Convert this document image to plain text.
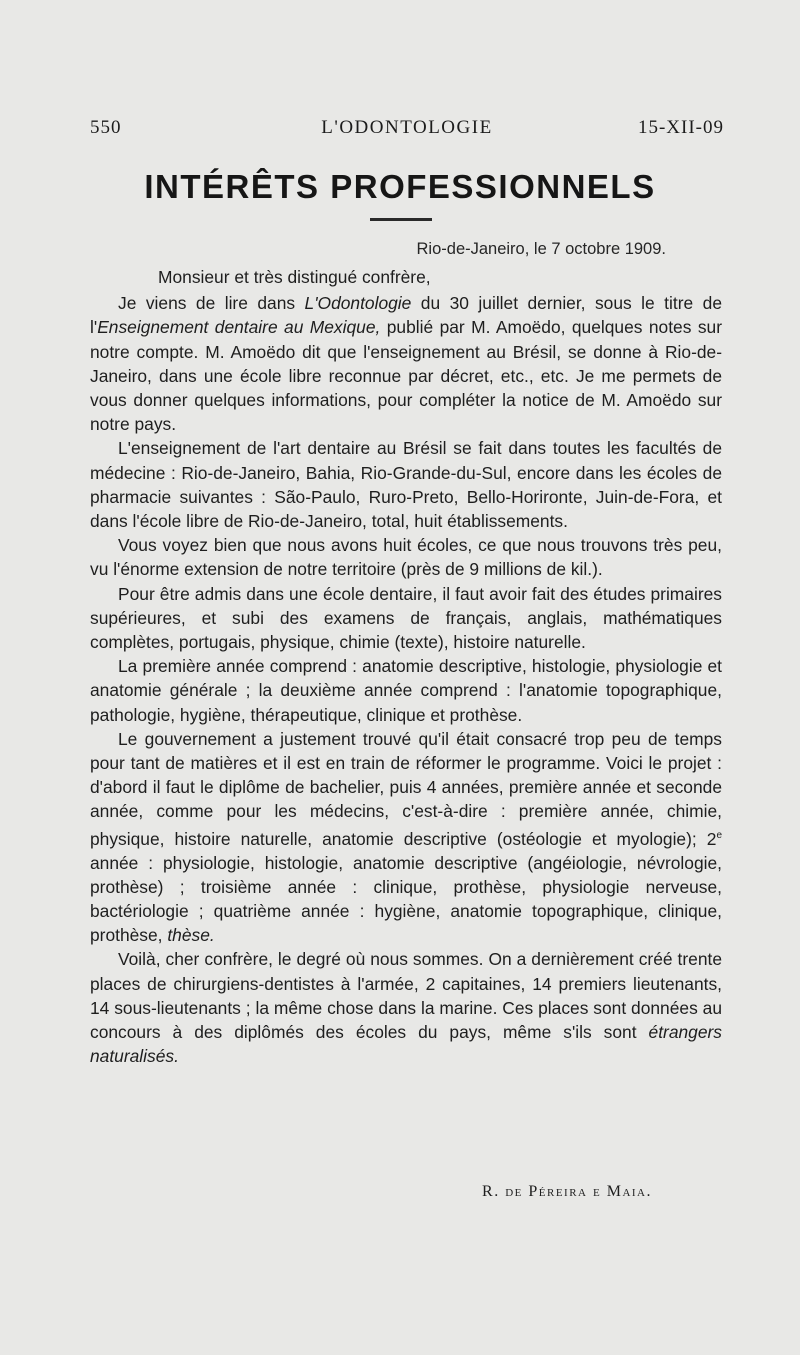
550	L'ODONTOLOGIE	15-XII-09
INTÉRÊTS PROFESSIONNELS
Rio-de-Janeiro, le 7 octobre 1909.

Monsieur et très distingué confrère,

Je viens de lire dans L'Odontologie du 30 juillet dernier, sous le titre de l'Enseignement dentaire au Mexique, publié par M. Amoëdo, quelques notes sur notre compte. M. Amoëdo dit que l'enseignement au Brésil, se donne à Rio-de-Janeiro, dans une école libre reconnue par décret, etc., etc. Je me permets de vous donner quelques informations, pour compléter la notice de M. Amoëdo sur notre pays.

L'enseignement de l'art dentaire au Brésil se fait dans toutes les facultés de médecine : Rio-de-Janeiro, Bahia, Rio-Grande-du-Sul, encore dans les écoles de pharmacie suivantes : São-Paulo, Ruro-Preto, Bello-Horironte, Juin-de-Fora, et dans l'école libre de Rio-de-Janeiro, total, huit établissements.

Vous voyez bien que nous avons huit écoles, ce que nous trouvons très peu, vu l'énorme extension de notre territoire (près de 9 millions de kil.).

Pour être admis dans une école dentaire, il faut avoir fait des études primaires supérieures, et subi des examens de français, anglais, mathématiques complètes, portugais, physique, chimie (texte), histoire naturelle.

La première année comprend : anatomie descriptive, histologie, physiologie et anatomie générale ; la deuxième année comprend : l'anatomie topographique, pathologie, hygiène, thérapeutique, clinique et prothèse.

Le gouvernement a justement trouvé qu'il était consacré trop peu de temps pour tant de matières et il est en train de réformer le programme. Voici le projet : d'abord il faut le diplôme de bachelier, puis 4 années, première année et seconde année, comme pour les médecins, c'est-à-dire : première année, chimie, physique, histoire naturelle, anatomie descriptive (ostéologie et myologie); 2e année : physiologie, histologie, anatomie descriptive (angéiologie, névrologie, prothèse) ; troisième année : clinique, prothèse, physiologie nerveuse, bactériologie ; quatrième année : hygiène, anatomie topographique, clinique, prothèse, thèse.

Voilà, cher confrère, le degré où nous sommes. On a dernièrement créé trente places de chirurgiens-dentistes à l'armée, 2 capitaines, 14 premiers lieutenants, 14 sous-lieutenants ; la même chose dans la marine. Ces places sont données au concours à des diplômés des écoles du pays, même s'ils sont étrangers naturalisés.

R. de Péreira e Maia.
